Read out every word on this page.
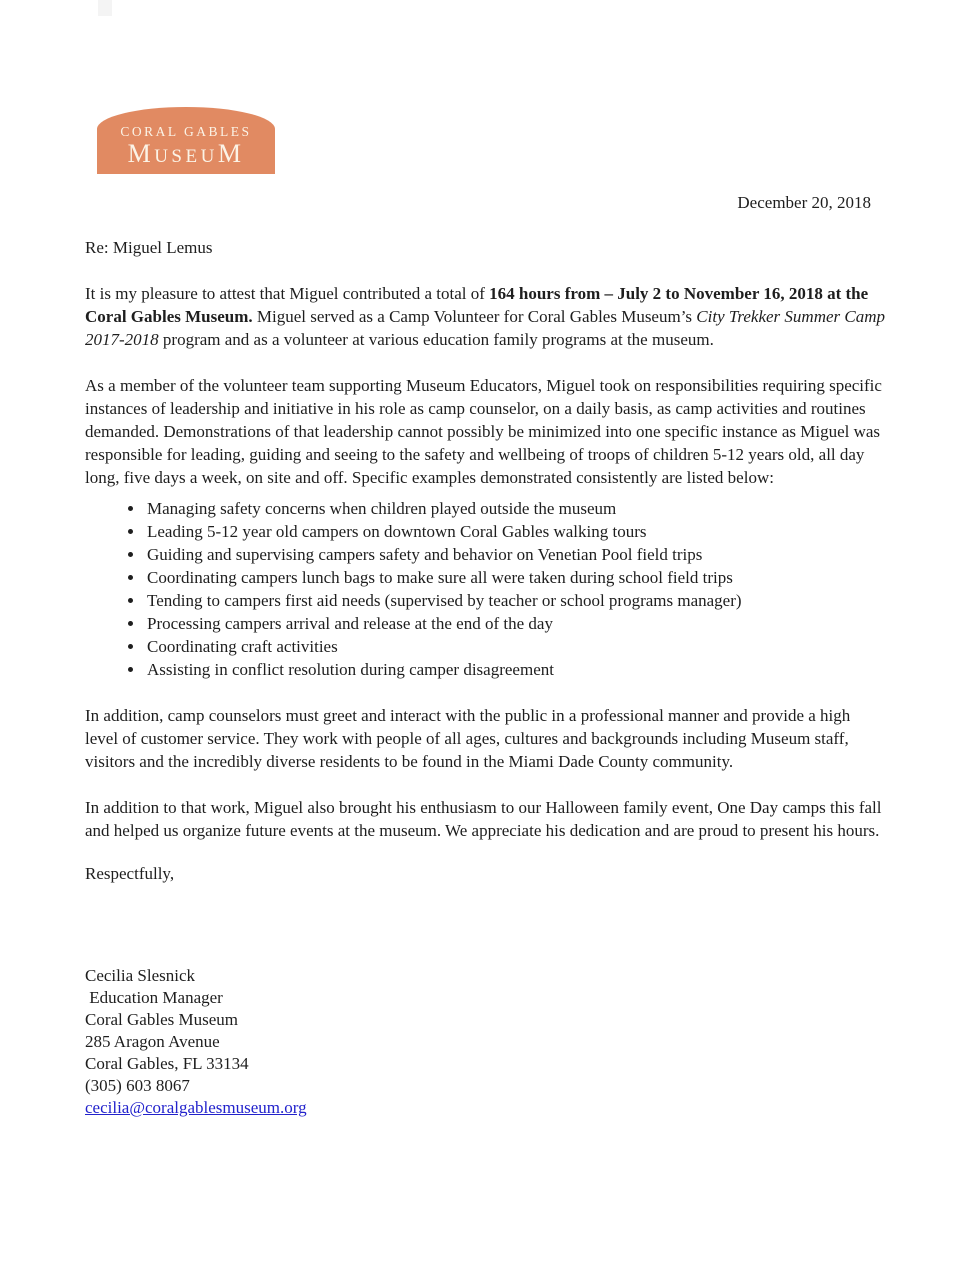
CORAL GABLES
MUSEUM
December 20, 2018

Re: Miguel Lemus

It is my pleasure to attest that Miguel contributed a total of 164 hours from – July 2 to November 16, 2018 at the Coral Gables Museum. Miguel served as a Camp Volunteer for Coral Gables Museum’s City Trekker Summer Camp 2017-2018 program and as a volunteer at various education family programs at the museum.

As a member of the volunteer team supporting Museum Educators, Miguel took on responsibilities requiring specific instances of leadership and initiative in his role as camp counselor, on a daily basis, as camp activities and routines demanded. Demonstrations of that leadership cannot possibly be minimized into one specific instance as Miguel was responsible for leading, guiding and seeing to the safety and wellbeing of troops of children 5-12 years old, all day long, five days a week, on site and off. Specific examples demonstrated consistently are listed below:

• Managing safety concerns when children played outside the museum
• Leading 5-12 year old campers on downtown Coral Gables walking tours
• Guiding and supervising campers safety and behavior on Venetian Pool field trips
• Coordinating campers lunch bags to make sure all were taken during school field trips
• Tending to campers first aid needs (supervised by teacher or school programs manager)
• Processing campers arrival and release at the end of the day
• Coordinating craft activities
• Assisting in conflict resolution during camper disagreement

In addition, camp counselors must greet and interact with the public in a professional manner and provide a high level of customer service. They work with people of all ages, cultures and backgrounds including Museum staff, visitors and the incredibly diverse residents to be found in the Miami Dade County community.

In addition to that work, Miguel also brought his enthusiasm to our Halloween family event, One Day camps this fall and helped us organize future events at the museum. We appreciate his dedication and are proud to present his hours.

Respectfully,

Cecilia Slesnick
Education Manager
Coral Gables Museum
285 Aragon Avenue
Coral Gables, FL 33134
(305) 603 8067
cecilia@coralgablesmuseum.org
